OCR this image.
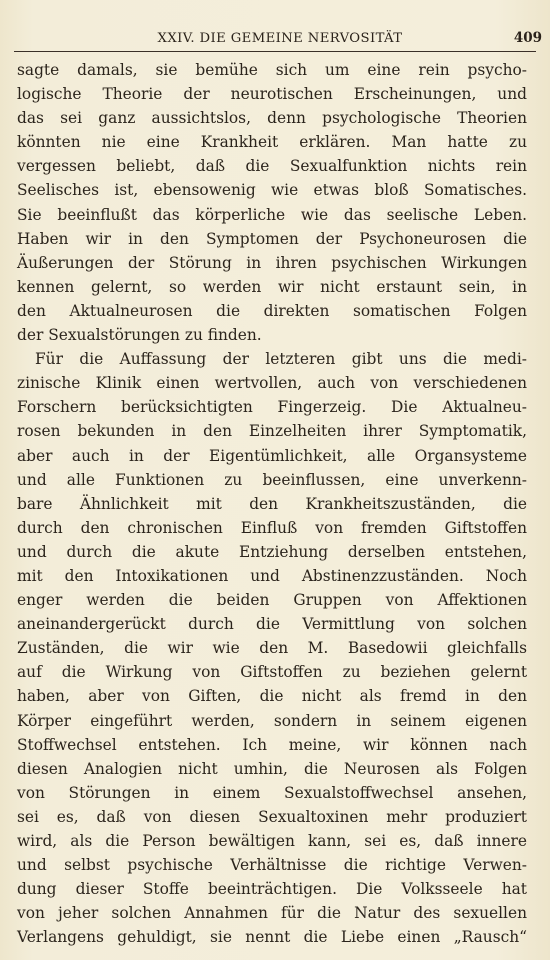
XXIV. DIE GEMEINE NERVOSITÄT	409
sagte damals, sie bemühe sich um eine rein psycho-
logische Theorie der neurotischen Erscheinungen, und
das sei ganz aussichtslos, denn psychologische Theorien
könnten nie eine Krankheit erklären. Man hatte zu
vergessen beliebt, daß die Sexualfunktion nichts rein
Seelisches ist, ebensowenig wie etwas bloß Somatisches.
Sie beeinflußt das körperliche wie das seelische Leben.
Haben wir in den Symptomen der Psychoneurosen die
Äußerungen der Störung in ihren psychischen Wirkungen
kennen gelernt, so werden wir nicht erstaunt sein, in
den Aktualneurosen die direkten somatischen Folgen
der Sexualstörungen zu finden.
Für die Auffassung der letzteren gibt uns die medi-
zinische Klinik einen wertvollen, auch von verschiedenen
Forschern berücksichtigten Fingerzeig. Die Aktualneu-
rosen bekunden in den Einzelheiten ihrer Symptomatik,
aber auch in der Eigentümlichkeit, alle Organsysteme
und alle Funktionen zu beeinflussen, eine unverkenn-
bare Ähnlichkeit mit den Krankheitszuständen, die
durch den chronischen Einfluß von fremden Giftstoffen
und durch die akute Entziehung derselben entstehen,
mit den Intoxikationen und Abstinenzzuständen. Noch
enger werden die beiden Gruppen von Affektionen
aneinandergerückt durch die Vermittlung von solchen
Zuständen, die wir wie den M. Basedowii gleichfalls
auf die Wirkung von Giftstoffen zu beziehen gelernt
haben, aber von Giften, die nicht als fremd in den
Körper eingeführt werden, sondern in seinem eigenen
Stoffwechsel entstehen. Ich meine, wir können nach
diesen Analogien nicht umhin, die Neurosen als Folgen
von Störungen in einem Sexualstoffwechsel ansehen,
sei es, daß von diesen Sexualtoxinen mehr produziert
wird, als die Person bewältigen kann, sei es, daß innere
und selbst psychische Verhältnisse die richtige Verwen-
dung dieser Stoffe beeinträchtigen. Die Volksseele hat
von jeher solchen Annahmen für die Natur des sexuellen
Verlangens gehuldigt, sie nennt die Liebe einen „Rausch“
